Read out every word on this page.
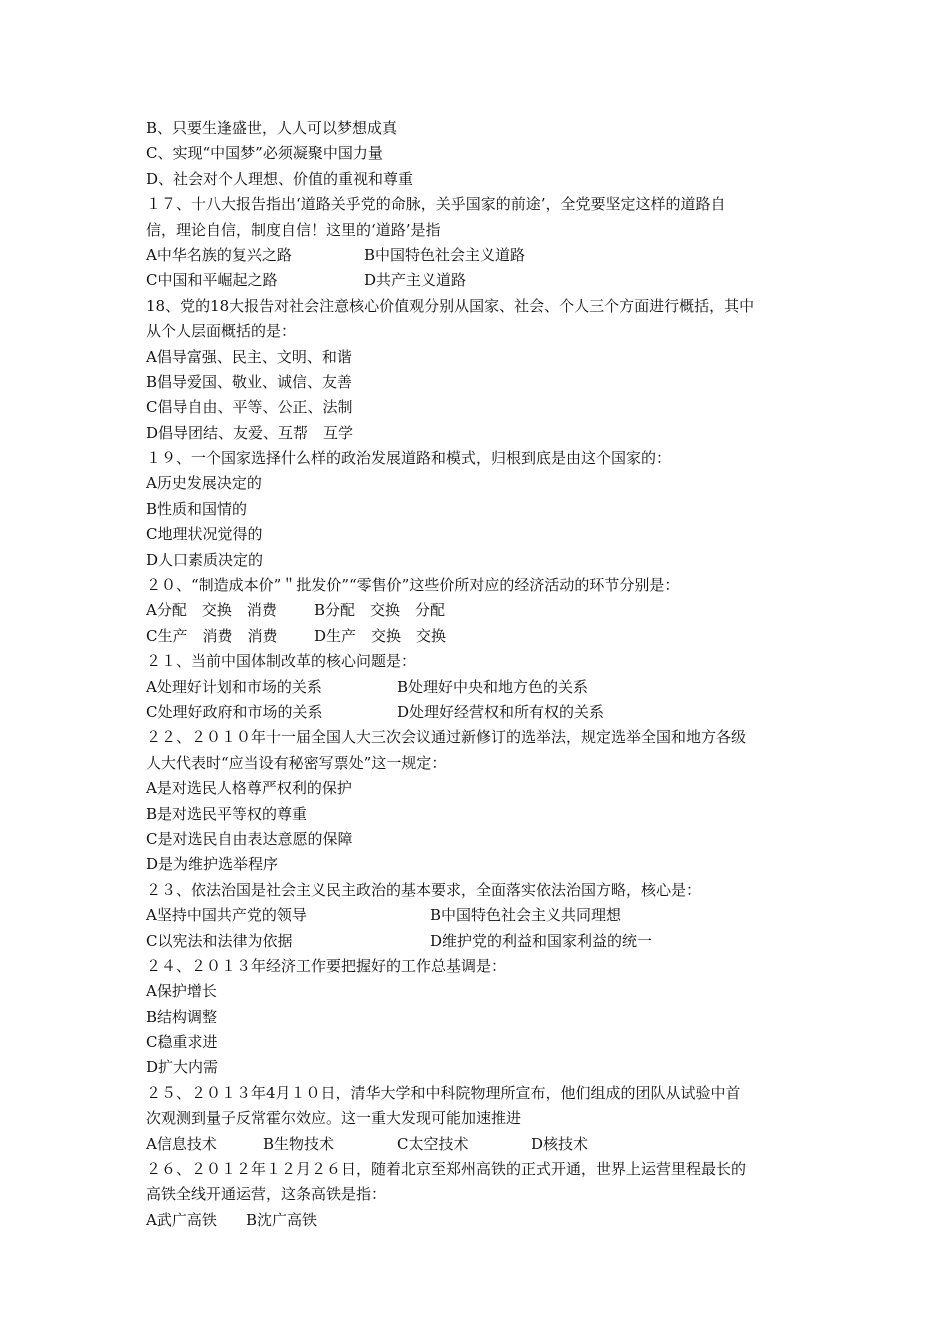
B、只要生逢盛世，人人可以梦想成真
C、实现“中国梦”必须凝聚中国力量
D、社会对个人理想、价值的重视和尊重
１７、十八大报告指出‘道路关乎党的命脉，关乎国家的前途’，全党要坚定这样的道路自
信，理论自信，制度自信！这里的‘道路’是指
A中华名族的复兴之路	B中国特色社会主义道路
C中国和平崛起之路	D共产主义道路
18、党的18大报告对社会注意核心价值观分别从国家、社会、个人三个方面进行概括，其中
从个人层面概括的是：
A倡导富强、民主、文明、和谐
B倡导爱国、敬业、诚信、友善
C倡导自由、平等、公正、法制
D倡导团结、友爱、互帮　互学
１９、一个国家选择什么样的政治发展道路和模式，归根到底是由这个国家的：
A历史发展决定的
B性质和国情的
C地理状况觉得的
D人口素质决定的
２０、“制造成本价”＂批发价”“零售价”这些价所对应的经济活动的环节分别是：
A分配　交换　消费	B分配　交换　分配
C生产　消费　消费	D生产　交换　交换
２１、当前中国体制改革的核心问题是：
A处理好计划和市场的关系	B处理好中央和地方色的关系
C处理好政府和市场的关系	D处理好经营权和所有权的关系
２２、２０１０年十一届全国人大三次会议通过新修订的选举法，规定选举全国和地方各级
人大代表时“应当设有秘密写票处”这一规定：
A是对选民人格尊严权利的保护
B是对选民平等权的尊重
C是对选民自由表达意愿的保障
D是为维护选举程序
２３、依法治国是社会主义民主政治的基本要求，全面落实依法治国方略，核心是：
A坚持中国共产党的领导	B中国特色社会主义共同理想
C以宪法和法律为依据	D维护党的利益和国家利益的统一
２４、２０１３年经济工作要把握好的工作总基调是：
A保护增长
B结构调整
C稳重求进
D扩大内需
２５、２０１３年4月１０日，清华大学和中科院物理所宣布，他们组成的团队从试验中首
次观测到量子反常霍尔效应。这一重大发现可能加速推进
A信息技术	B生物技术	C太空技术	D核技术
２６、２０１２年１２月２６日，随着北京至郑州高铁的正式开通，世界上运营里程最长的
高铁全线开通运营，这条高铁是指：
A武广高铁	B沈广高铁
